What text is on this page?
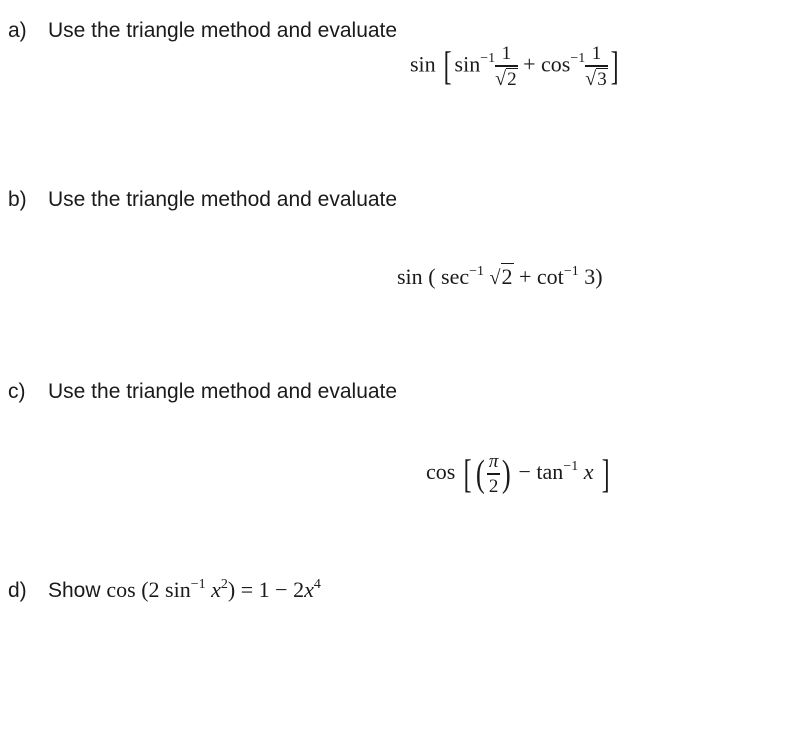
a) Use the triangle method and evaluate
sin [ $\sin^{-1} \frac{1}{√2} + \cos^{-1} \frac{1}{√3}$ ]
b) Use the triangle method and evaluate
sin ( $\sec^{-1} √2 + \cot^{-1} 3$)
c) Use the triangle method and evaluate
cos [ ( $\frac{\pi}{2}$ ) − $\tan^{-1} x$ ]
d) Show cos (2 $\sin^{-1} x^2) = 1 - 2x^4$
